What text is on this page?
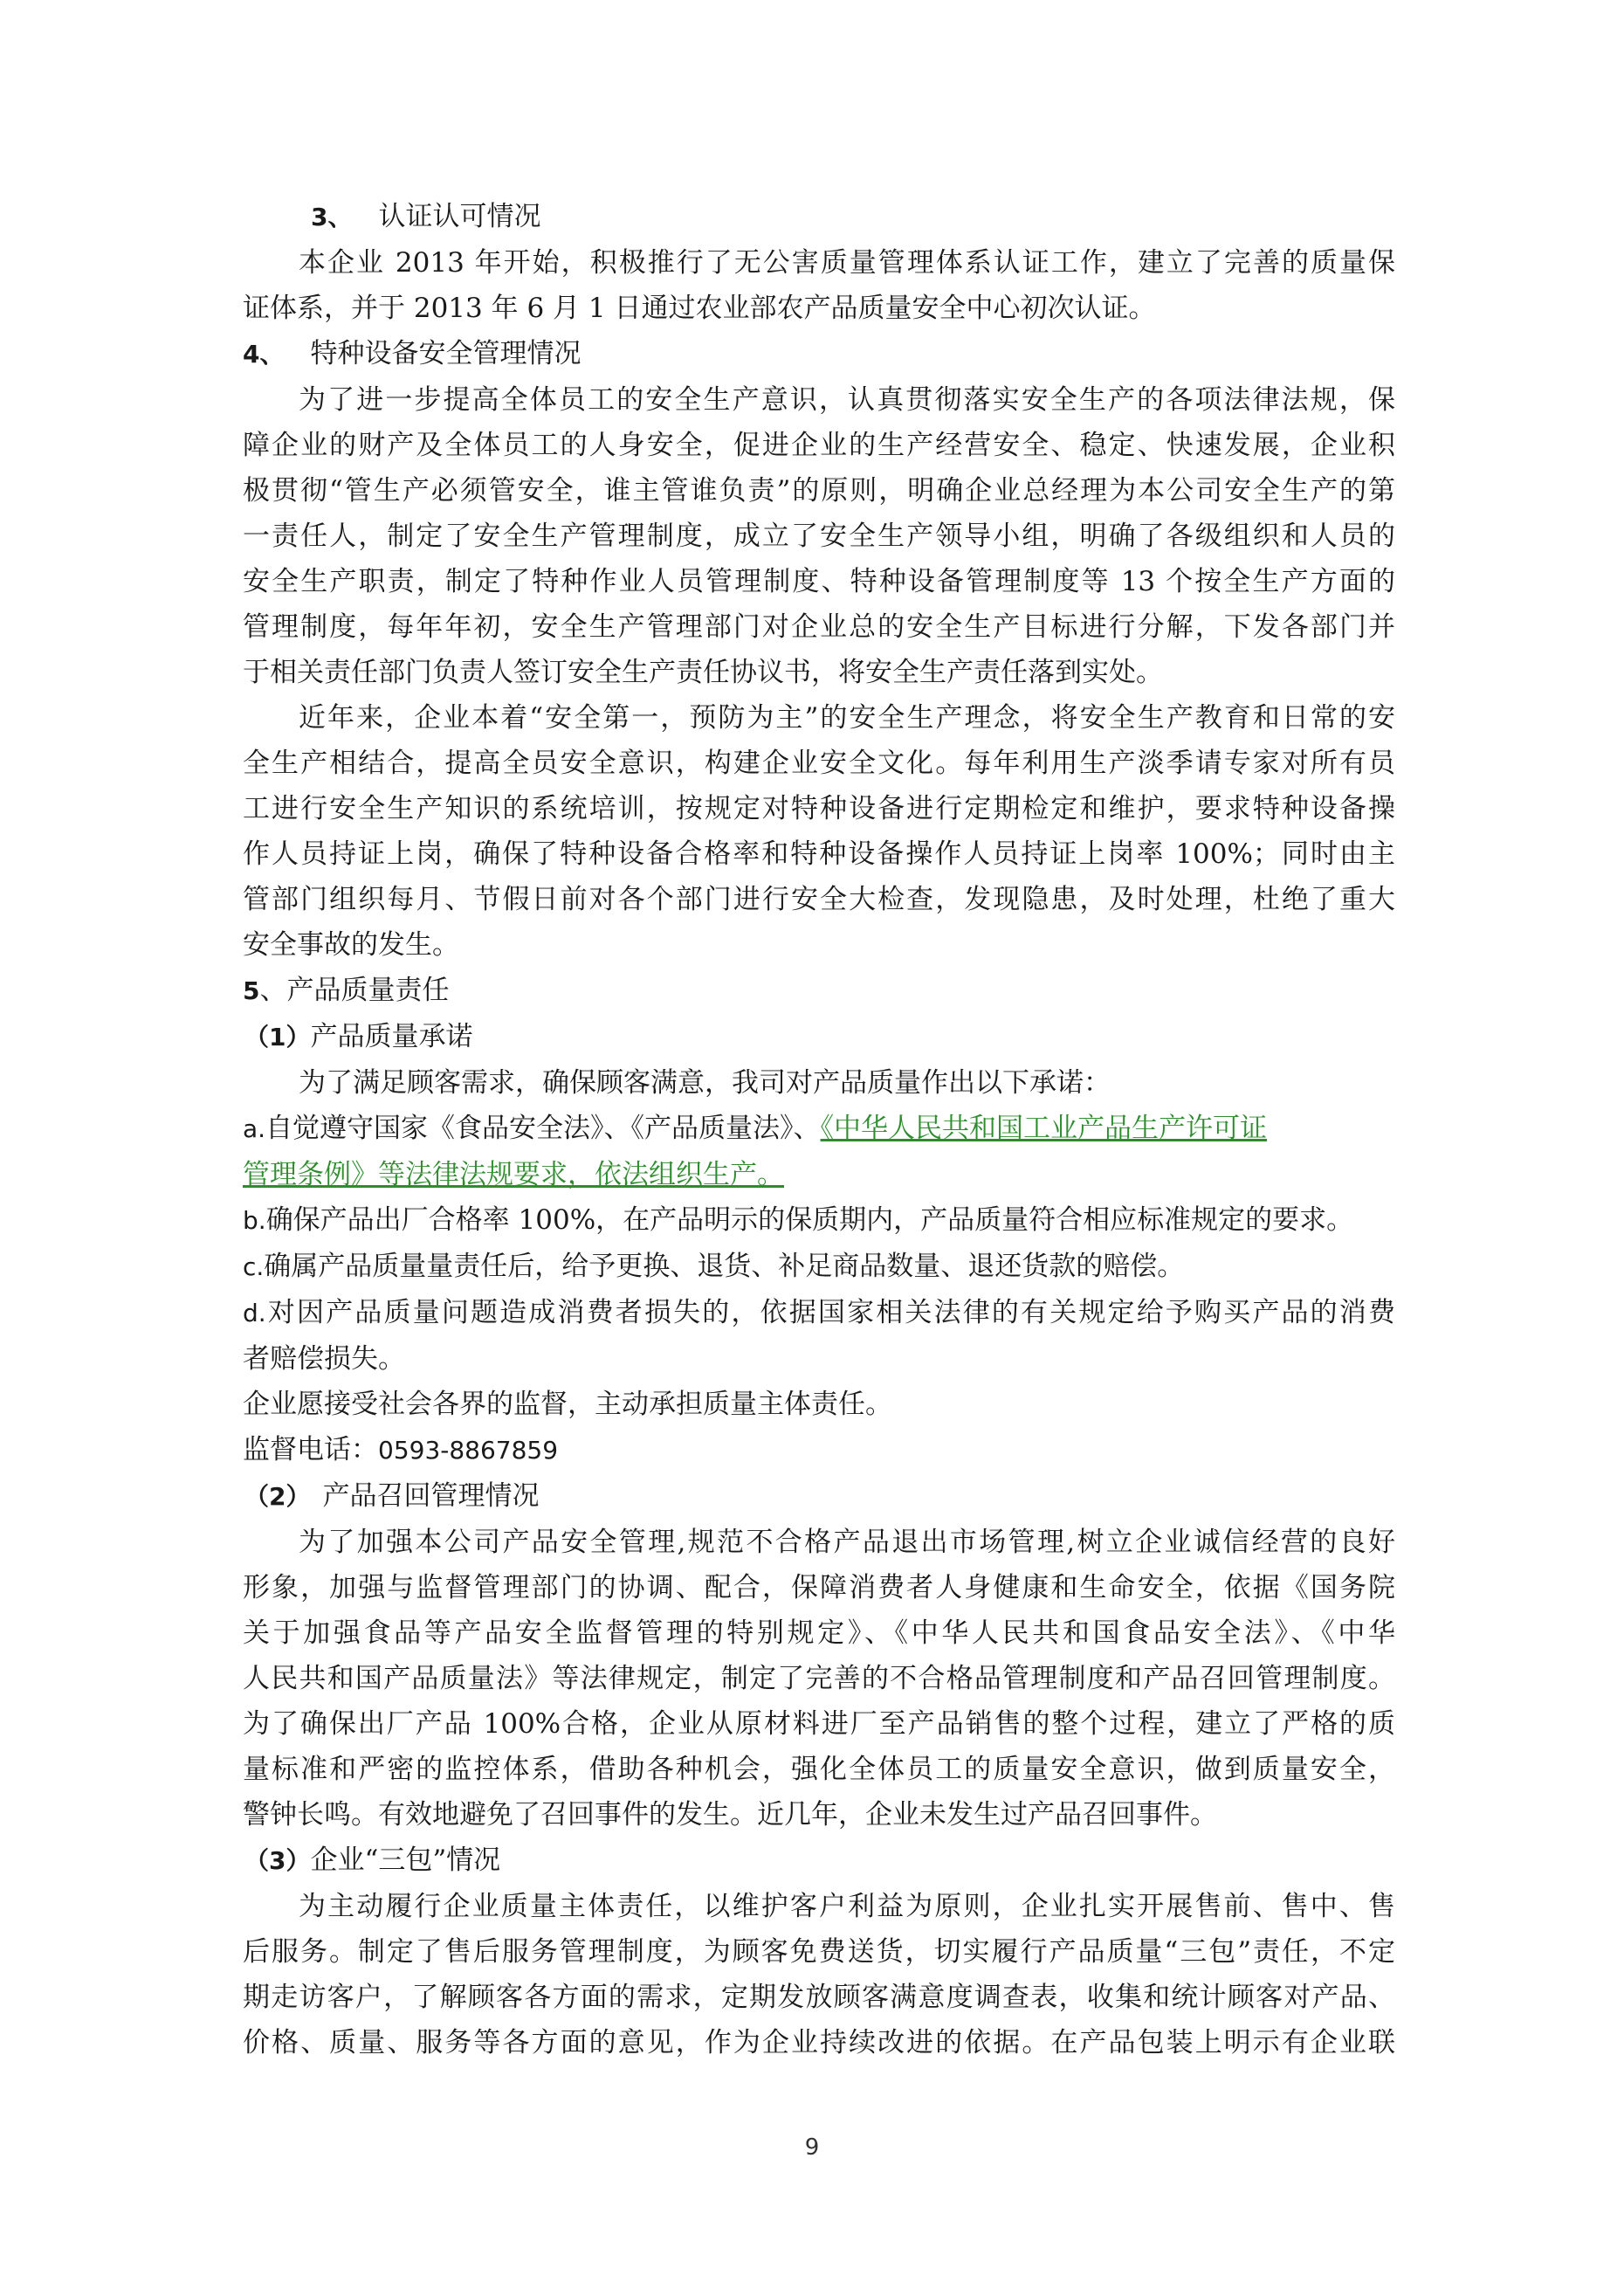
3、 认证认可情况

本企业 2013 年开始，积极推行了无公害质量管理体系认证工作，建立了完善的质量保

证体系，并于 2013 年 6 月 1 日通过农业部农产品质量安全中心初次认证。

4、 特种设备安全管理情况

为了进一步提高全体员工的安全生产意识，认真贯彻落实安全生产的各项法律法规，保

障企业的财产及全体员工的人身安全，促进企业的生产经营安全、稳定、快速发展，企业积

极贯彻“管生产必须管安全，谁主管谁负责”的原则，明确企业总经理为本公司安全生产的第

一责任人，制定了安全生产管理制度，成立了安全生产领导小组，明确了各级组织和人员的

安全生产职责，制定了特种作业人员管理制度、特种设备管理制度等 13 个按全生产方面的

管理制度，每年年初，安全生产管理部门对企业总的安全生产目标进行分解，下发各部门并

于相关责任部门负责人签订安全生产责任协议书，将安全生产责任落到实处。

近年来，企业本着“安全第一，预防为主”的安全生产理念，将安全生产教育和日常的安

全生产相结合，提高全员安全意识，构建企业安全文化。每年利用生产淡季请专家对所有员

工进行安全生产知识的系统培训，按规定对特种设备进行定期检定和维护，要求特种设备操

作人员持证上岗，确保了特种设备合格率和特种设备操作人员持证上岗率 100%；同时由主

管部门组织每月、节假日前对各个部门进行安全大检查，发现隐患，及时处理，杜绝了重大

安全事故的发生。

5、产品质量责任

（1）产品质量承诺

为了满足顾客需求，确保顾客满意，我司对产品质量作出以下承诺：

a.自觉遵守国家《食品安全法》、《产品质量法》、《中华人民共和国工业产品生产许可证

管理条例》等法律法规要求，依法组织生产。

b.确保产品出厂合格率 100%，在产品明示的保质期内，产品质量符合相应标准规定的要求。

c.确属产品质量量责任后，给予更换、退货、补足商品数量、退还货款的赔偿。

d.对因产品质量问题造成消费者损失的，依据国家相关法律的有关规定给予购买产品的消费

者赔偿损失。

企业愿接受社会各界的监督，主动承担质量主体责任。

监督电话：0593-8867859

（2） 产品召回管理情况

为了加强本公司产品安全管理,规范不合格产品退出市场管理,树立企业诚信经营的良好

形象，加强与监督管理部门的协调、配合，保障消费者人身健康和生命安全，依据《国务院

关于加强食品等产品安全监督管理的特别规定》、《中华人民共和国食品安全法》、《中华

人民共和国产品质量法》等法律规定，制定了完善的不合格品管理制度和产品召回管理制度。

为了确保出厂产品 100%合格，企业从原材料进厂至产品销售的整个过程，建立了严格的质

量标准和严密的监控体系，借助各种机会，强化全体员工的质量安全意识，做到质量安全，

警钟长鸣。有效地避免了召回事件的发生。近几年，企业未发生过产品召回事件。

（3）企业“三包”情况

为主动履行企业质量主体责任，以维护客户利益为原则，企业扎实开展售前、售中、售

后服务。制定了售后服务管理制度，为顾客免费送货，切实履行产品质量“三包”责任，不定

期走访客户，了解顾客各方面的需求，定期发放顾客满意度调查表，收集和统计顾客对产品、

价格、质量、服务等各方面的意见，作为企业持续改进的依据。在产品包装上明示有企业联

9
